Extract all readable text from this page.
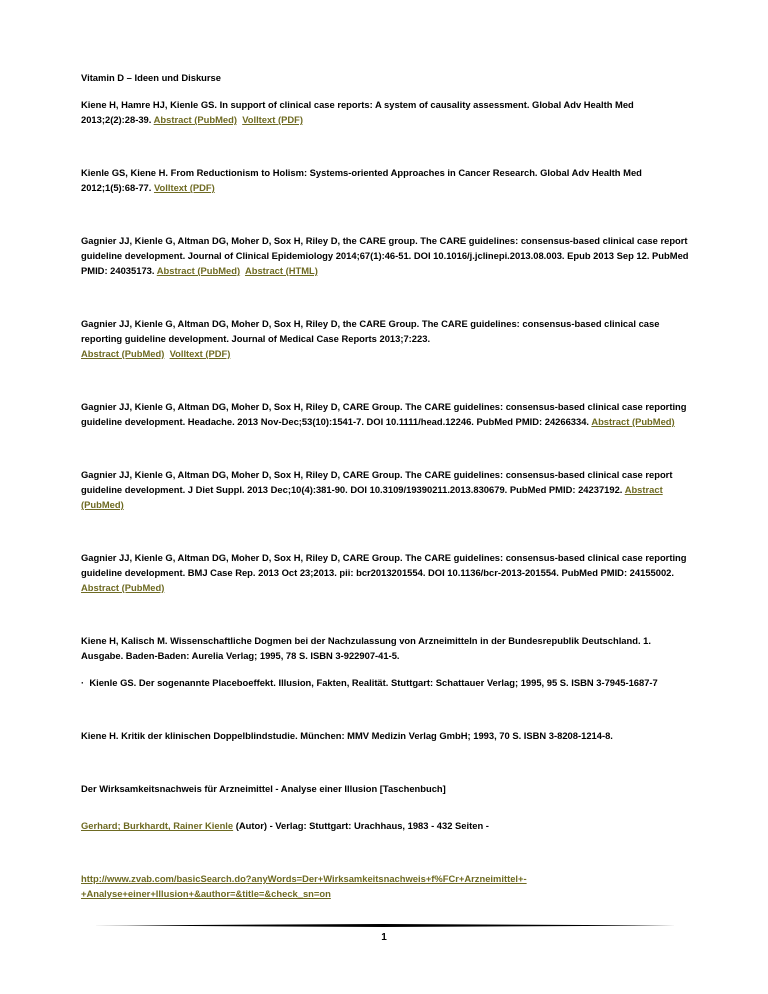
Vitamin D – Ideen und Diskurse

Kiene H, Hamre HJ, Kienle GS. In support of clinical case reports: A system of causality assessment. Global Adv Health Med 2013;2(2):28-39. Abstract (PubMed) Volltext (PDF)

Kienle GS, Kiene H. From Reductionism to Holism: Systems-oriented Approaches in Cancer Research. Global Adv Health Med 2012;1(5):68-77. Volltext (PDF)

Gagnier JJ, Kienle G, Altman DG, Moher D, Sox H, Riley D, the CARE group. The CARE guidelines: consensus-based clinical case report guideline development. Journal of Clinical Epidemiology 2014;67(1):46-51. DOI 10.1016/j.jclinepi.2013.08.003. Epub 2013 Sep 12. PubMed PMID: 24035173. Abstract (PubMed) Abstract (HTML)

Gagnier JJ, Kienle G, Altman DG, Moher D, Sox H, Riley D, the CARE Group. The CARE guidelines: consensus-based clinical case reporting guideline development. Journal of Medical Case Reports 2013;7:223.
Abstract (PubMed) Volltext (PDF)

Gagnier JJ, Kienle G, Altman DG, Moher D, Sox H, Riley D, CARE Group. The CARE guidelines: consensus-based clinical case reporting guideline development. Headache. 2013 Nov-Dec;53(10):1541-7. DOI 10.1111/head.12246. PubMed PMID: 24266334. Abstract (PubMed)

Gagnier JJ, Kienle G, Altman DG, Moher D, Sox H, Riley D, CARE Group. The CARE guidelines: consensus-based clinical case report guideline development. J Diet Suppl. 2013 Dec;10(4):381-90. DOI 10.3109/19390211.2013.830679. PubMed PMID: 24237192. Abstract (PubMed)

Gagnier JJ, Kienle G, Altman DG, Moher D, Sox H, Riley D, CARE Group. The CARE guidelines: consensus-based clinical case reporting guideline development. BMJ Case Rep. 2013 Oct 23;2013. pii: bcr2013201554. DOI 10.1136/bcr-2013-201554. PubMed PMID: 24155002. Abstract (PubMed)

Kiene H, Kalisch M. Wissenschaftliche Dogmen bei der Nachzulassung von Arzneimitteln in der Bundesrepublik Deutschland. 1. Ausgabe. Baden-Baden: Aurelia Verlag; 1995, 78 S. ISBN 3-922907-41-5.

· Kienle GS. Der sogenannte Placeboeffekt. Illusion, Fakten, Realität. Stuttgart: Schattauer Verlag; 1995, 95 S. ISBN 3-7945-1687-7

Kiene H. Kritik der klinischen Doppelblindstudie. München: MMV Medizin Verlag GmbH; 1993, 70 S. ISBN 3-8208-1214-8.

Der Wirksamkeitsnachweis für Arzneimittel - Analyse einer Illusion [Taschenbuch]

Gerhard; Burkhardt, Rainer Kienle (Autor) - Verlag: Stuttgart: Urachhaus, 1983 - 432 Seiten -

http://www.zvab.com/basicSearch.do?anyWords=Der+Wirksamkeitsnachweis+f%FCr+Arzneimittel+-
+Analyse+einer+Illusion+&author=&title=&check_sn=on

1
